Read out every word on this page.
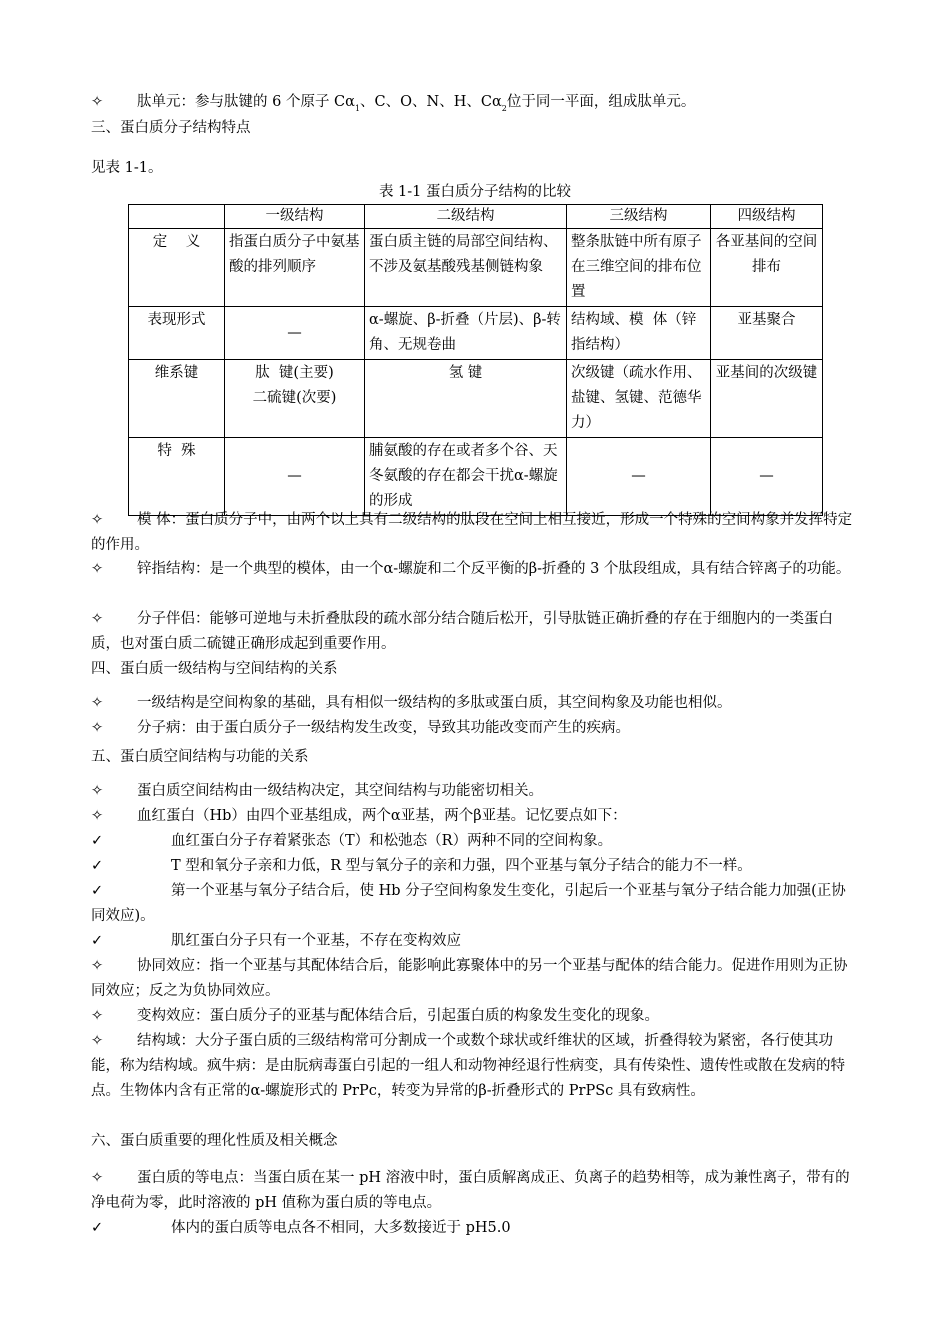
✧ 肽单元：参与肽键的 6 个原子 $C\alpha_1$、C、O、N、H、$C\alpha_2$位于同一平面，组成肽单元。
三、蛋白质分子结构特点
见表 1-1。
表 1-1 蛋白质分子结构的比较
	一级结构	二级结构	三级结构	四级结构
定    义	指蛋白质分子中氨基酸的排列顺序	蛋白质主链的局部空间结构、不涉及氨基酸残基侧链构象	整条肽链中所有原子在三维空间的排布位置	各亚基间的空间排布
表现形式	—	α-螺旋、β-折叠（片层)、β-转角、无规卷曲	结构域、模  体（锌指结构）	亚基聚合
维系键	肽  键(主要)
二硫键(次要)	氢 键	次级键（疏水作用、盐键、氢键、范德华力）	亚基间的次级键
特  殊	—	脯氨酸的存在或者多个谷、天冬氨酸的存在都会干扰α-螺旋的形成	—	—
✧ 模 体：蛋白质分子中，由两个以上具有二级结构的肽段在空间上相互接近，形成一个特殊的空间构象并发挥特定的作用。
✧ 锌指结构：是一个典型的模体，由一个α-螺旋和二个反平衡的β-折叠的 3 个肽段组成，具有结合锌离子的功能。
✧ 分子伴侣：能够可逆地与未折叠肽段的疏水部分结合随后松开，引导肽链正确折叠的存在于细胞内的一类蛋白质，也对蛋白质二硫键正确形成起到重要作用。
四、蛋白质一级结构与空间结构的关系
✧ 一级结构是空间构象的基础，具有相似一级结构的多肽或蛋白质，其空间构象及功能也相似。
✧ 分子病：由于蛋白质分子一级结构发生改变，导致其功能改变而产生的疾病。
五、蛋白质空间结构与功能的关系
✧ 蛋白质空间结构由一级结构决定，其空间结构与功能密切相关。
✧ 血红蛋白（Hb）由四个亚基组成，两个α亚基，两个β亚基。记忆要点如下：
✓	血红蛋白分子存着紧张态（T）和松弛态（R）两种不同的空间构象。
✓	T 型和氧分子亲和力低，R 型与氧分子的亲和力强，四个亚基与氧分子结合的能力不一样。
✓	第一个亚基与氧分子结合后，使 Hb 分子空间构象发生变化，引起后一个亚基与氧分子结合能力加强(正协同效应)。
✓	肌红蛋白分子只有一个亚基，不存在变构效应
✧ 协同效应：指一个亚基与其配体结合后，能影响此寡聚体中的另一个亚基与配体的结合能力。促进作用则为正协同效应；反之为负协同效应。
✧ 变构效应：蛋白质分子的亚基与配体结合后，引起蛋白质的构象发生变化的现象。
✧ 结构域：大分子蛋白质的三级结构常可分割成一个或数个球状或纤维状的区域，折叠得较为紧密，各行使其功能，称为结构域。疯牛病：是由朊病毒蛋白引起的一组人和动物神经退行性病变，具有传染性、遗传性或散在发病的特点。生物体内含有正常的α-螺旋形式的 PrPc，转变为异常的β-折叠形式的 PrPSc 具有致病性。
六、蛋白质重要的理化性质及相关概念
✧ 蛋白质的等电点：当蛋白质在某一 pH 溶液中时，蛋白质解离成正、负离子的趋势相等，成为兼性离子，带有的净电荷为零，此时溶液的 pH 值称为蛋白质的等电点。
✓	体内的蛋白质等电点各不相同，大多数接近于 pH5.0
